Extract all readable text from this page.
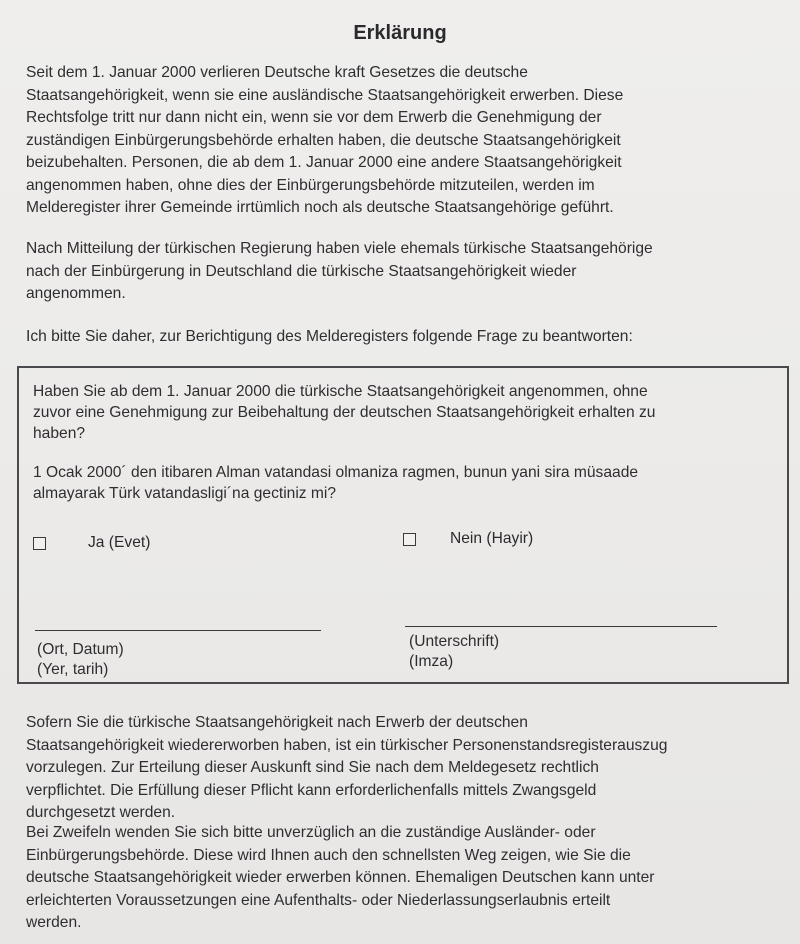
Erklärung
Seit dem 1. Januar 2000 verlieren Deutsche kraft Gesetzes die deutsche
Staatsangehörigkeit, wenn sie eine ausländische Staatsangehörigkeit erwerben. Diese
Rechtsfolge tritt nur dann nicht ein, wenn sie vor dem Erwerb die Genehmigung der
zuständigen Einbürgerungsbehörde erhalten haben, die deutsche Staatsangehörigkeit
beizubehalten. Personen, die ab dem 1. Januar 2000 eine andere Staatsangehörigkeit
angenommen haben, ohne dies der Einbürgerungsbehörde mitzuteilen, werden im
Melderegister ihrer Gemeinde irrtümlich noch als deutsche Staatsangehörige geführt.
Nach Mitteilung der türkischen Regierung haben viele ehemals türkische Staatsangehörige
nach der Einbürgerung in Deutschland die türkische Staatsangehörigkeit wieder
angenommen.
Ich bitte Sie daher, zur Berichtigung des Melderegisters folgende Frage zu beantworten:
Haben Sie ab dem 1. Januar 2000 die türkische Staatsangehörigkeit angenommen, ohne
zuvor eine Genehmigung zur Beibehaltung der deutschen Staatsangehörigkeit erhalten zu
haben?
1 Ocak 2000´ den itibaren Alman vatandasi olmaniza ragmen, bunun yani sira müsaade
almayarak Türk vatandasligi´na gectiniz mi?
Ja (Evet)	Nein (Hayir)
(Ort, Datum)
(Yer, tarih)
(Unterschrift)
(Imza)
Sofern Sie die türkische Staatsangehörigkeit nach Erwerb der deutschen
Staatsangehörigkeit wiedererworben haben, ist ein türkischer Personenstandsregisterauszug
vorzulegen. Zur Erteilung dieser Auskunft sind Sie nach dem Meldegesetz rechtlich
verpflichtet. Die Erfüllung dieser Pflicht kann erforderlichenfalls mittels Zwangsgeld
durchgesetzt werden.
Bei Zweifeln wenden Sie sich bitte unverzüglich an die zuständige Ausländer- oder
Einbürgerungsbehörde. Diese wird Ihnen auch den schnellsten Weg zeigen, wie Sie die
deutsche Staatsangehörigkeit wieder erwerben können. Ehemaligen Deutschen kann unter
erleichterten Voraussetzungen eine Aufenthalts- oder Niederlassungserlaubnis erteilt
werden.
